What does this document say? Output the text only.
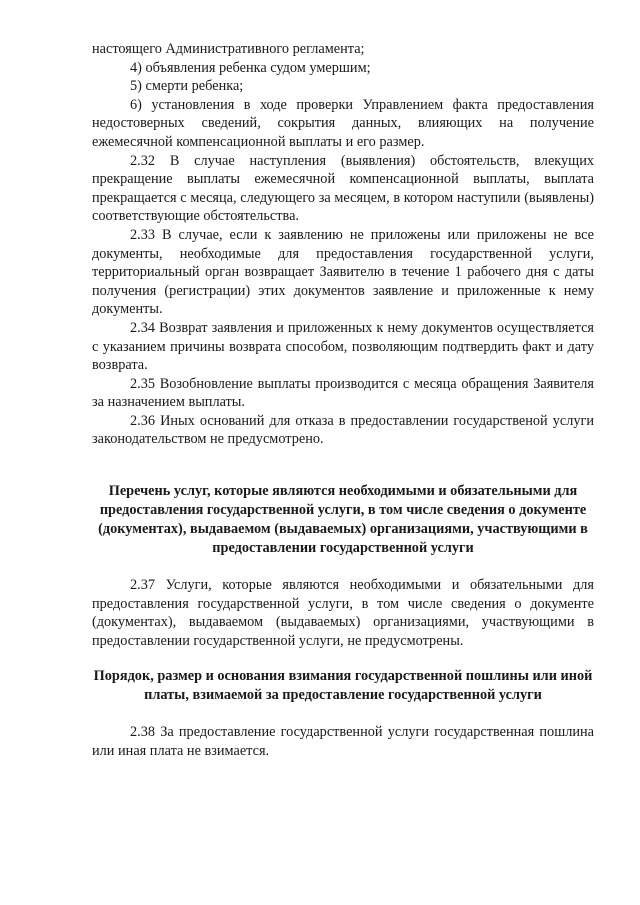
настоящего Административного регламента;

4) объявления ребенка судом умершим;

5) смерти ребенка;

6) установления в ходе проверки Управлением факта предоставления недостоверных сведений, сокрытия данных, влияющих на получение ежемесячной компенсационной выплаты и его размер.

2.32 В случае наступления (выявления) обстоятельств, влекущих прекращение выплаты ежемесячной компенсационной выплаты, выплата прекращается с месяца, следующего за месяцем, в котором наступили (выявлены) соответствующие обстоятельства.

2.33 В случае, если к заявлению не приложены или приложены не все документы, необходимые для предоставления государственной услуги, территориальный орган возвращает Заявителю в течение 1 рабочего дня с даты получения (регистрации) этих документов заявление и приложенные к нему документы.

2.34 Возврат заявления и приложенных к нему документов осуществляется с указанием причины возврата способом, позволяющим подтвердить факт и дату возврата.

2.35 Возобновление выплаты производится с месяца обращения Заявителя за назначением выплаты.

2.36 Иных оснований для отказа в предоставлении государственой услуги законодательством не предусмотрено.

Перечень услуг, которые являются необходимыми и обязательными для предоставления государственной услуги, в том числе сведения о документе (документах), выдаваемом (выдаваемых) организациями, участвующими в предоставлении государственной услуги

2.37 Услуги, которые являются необходимыми и обязательными для предоставления государственной услуги, в том числе сведения о документе (документах), выдаваемом (выдаваемых) организациями, участвующими в предоставлении государственной услуги, не предусмотрены.

Порядок, размер и основания взимания государственной пошлины или иной платы, взимаемой за предоставление государственной услуги

2.38 За предоставление государственной услуги государственная пошлина или иная плата не взимается.
